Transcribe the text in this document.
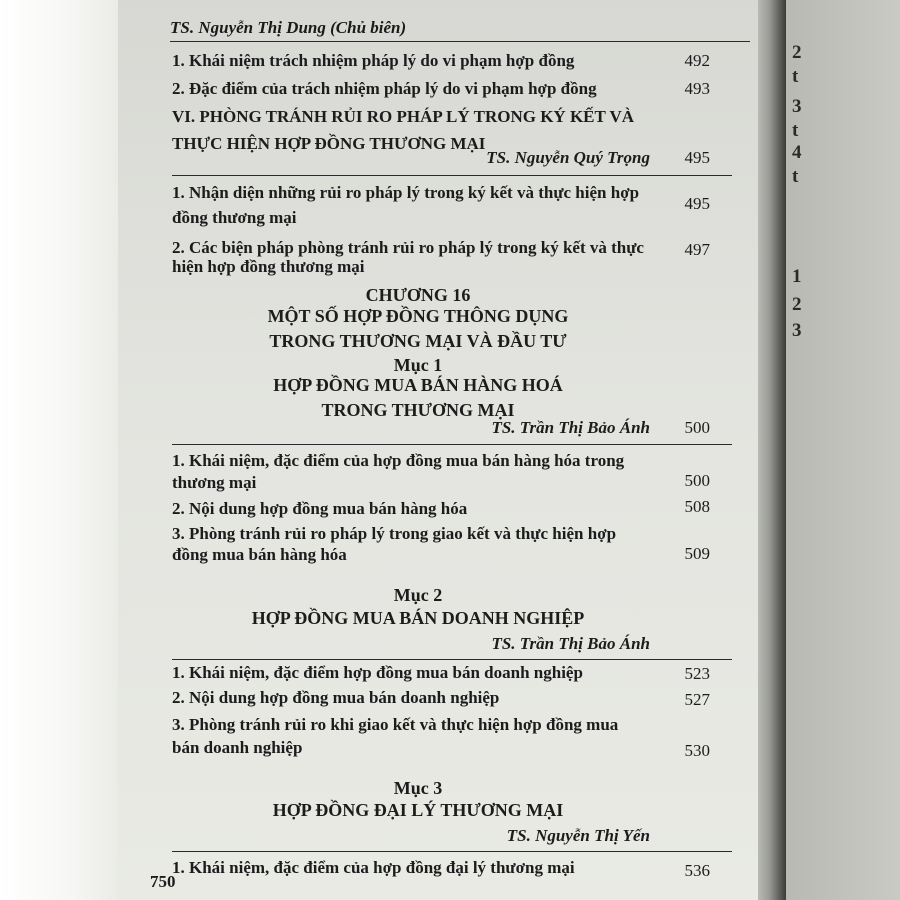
TS. Nguyễn Thị Dung (Chủ biên)
1. Khái niệm trách nhiệm pháp lý do vi phạm hợp đồng	492
2. Đặc điểm của trách nhiệm pháp lý do vi phạm hợp đồng	493
VI. PHÒNG TRÁNH RỦI RO PHÁP LÝ TRONG KÝ KẾT VÀ
THỰC HIỆN HỢP ĐỒNG THƯƠNG MẠI
TS. Nguyễn Quý Trọng 495
1. Nhận diện những rủi ro pháp lý trong ký kết và thực hiện hợp
đồng thương mại
495
2. Các biện pháp phòng tránh rủi ro pháp lý trong ký kết và thực 497
hiện hợp đồng thương mại
CHƯƠNG 16
MỘT SỐ HỢP ĐỒNG THÔNG DỤNG
TRONG THƯƠNG MẠI VÀ ĐẦU TƯ
Mục 1
HỢP ĐỒNG MUA BÁN HÀNG HOÁ
TRONG THƯƠNG MẠI
TS. Trần Thị Bảo Ánh 500
1. Khái niệm, đặc điểm của hợp đồng mua bán hàng hóa trong
thương mại	500
2. Nội dung hợp đồng mua bán hàng hóa	508
3. Phòng tránh rủi ro pháp lý trong giao kết và thực hiện hợp
đồng mua bán hàng hóa	509
Mục 2
HỢP ĐỒNG MUA BÁN DOANH NGHIỆP
TS. Trần Thị Bảo Ánh
1. Khái niệm, đặc điểm hợp đồng mua bán doanh nghiệp	523
2. Nội dung hợp đồng mua bán doanh nghiệp	527
3. Phòng tránh rủi ro khi giao kết và thực hiện hợp đồng mua
bán doanh nghiệp	530
Mục 3
HỢP ĐỒNG ĐẠI LÝ THƯƠNG MẠI
TS. Nguyễn Thị Yến
1. Khái niệm, đặc điểm của hợp đồng đại lý thương mại	536
750
2
t
3
t
4
t
1
2
3
